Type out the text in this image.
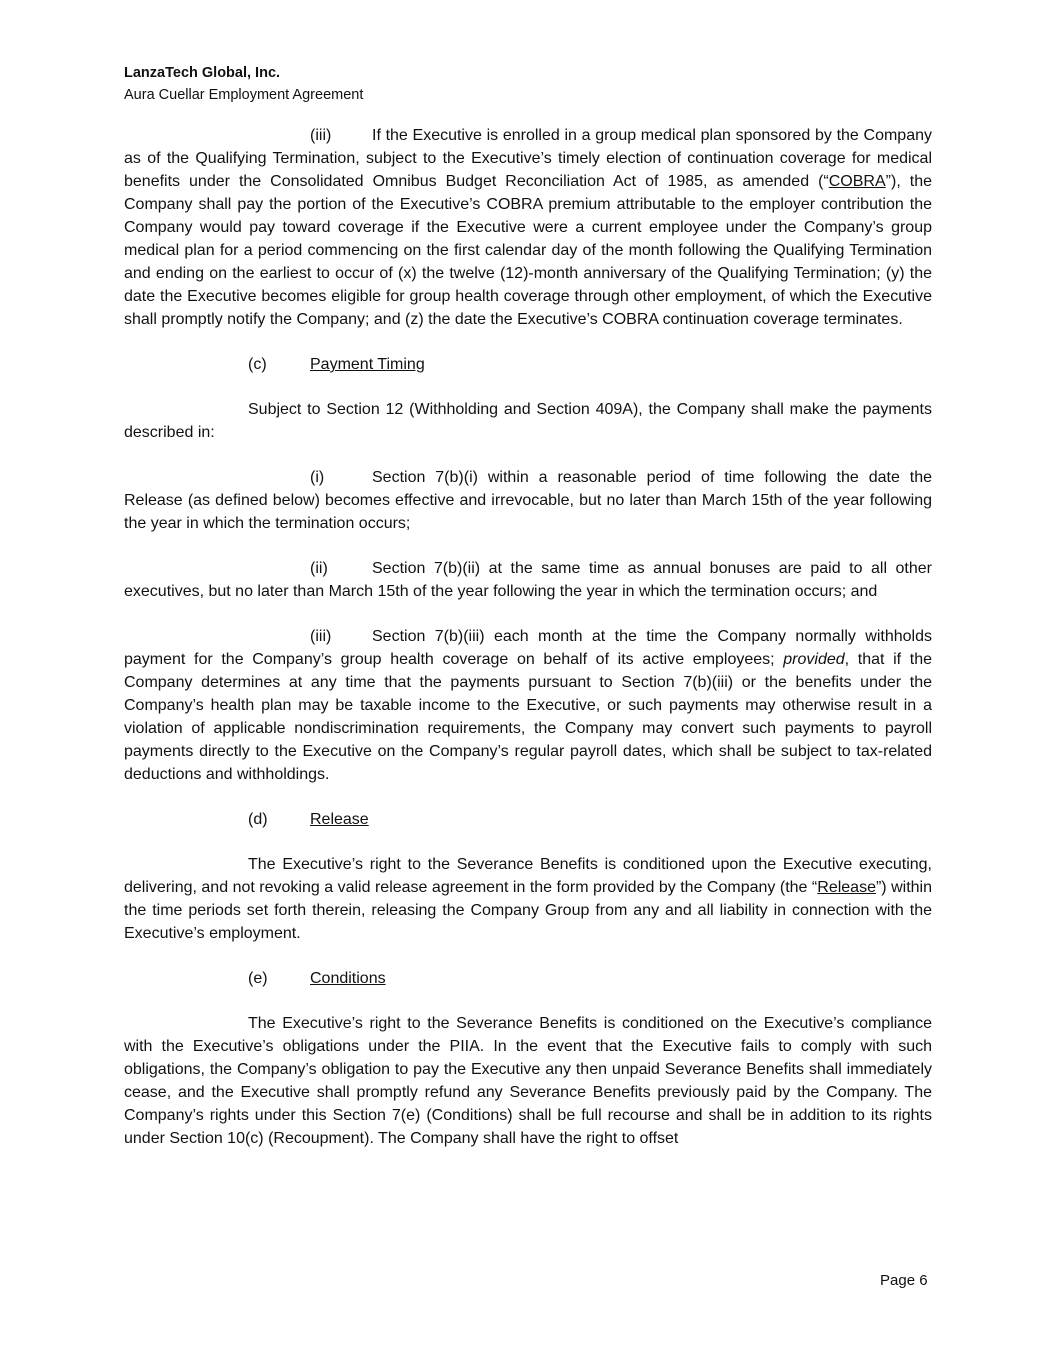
LanzaTech Global, Inc.
Aura Cuellar Employment Agreement

(iii)	If the Executive is enrolled in a group medical plan sponsored by the Company as of the Qualifying Termination, subject to the Executive’s timely election of continuation coverage for medical benefits under the Consolidated Omnibus Budget Reconciliation Act of 1985, as amended (“COBRA”), the Company shall pay the portion of the Executive’s COBRA premium attributable to the employer contribution the Company would pay toward coverage if the Executive were a current employee under the Company’s group medical plan for a period commencing on the first calendar day of the month following the Qualifying Termination and ending on the earliest to occur of (x) the twelve (12)-month anniversary of the Qualifying Termination; (y) the date the Executive becomes eligible for group health coverage through other employment, of which the Executive shall promptly notify the Company; and (z) the date the Executive’s COBRA continuation coverage terminates.

(c)	Payment Timing

Subject to Section 12 (Withholding and Section 409A), the Company shall make the payments described in:

(i)	Section 7(b)(i) within a reasonable period of time following the date the Release (as defined below) becomes effective and irrevocable, but no later than March 15th of the year following the year in which the termination occurs;

(ii)	Section 7(b)(ii) at the same time as annual bonuses are paid to all other executives, but no later than March 15th of the year following the year in which the termination occurs; and

(iii)	Section 7(b)(iii) each month at the time the Company normally withholds payment for the Company’s group health coverage on behalf of its active employees; provided, that if the Company determines at any time that the payments pursuant to Section 7(b)(iii) or the benefits under the Company’s health plan may be taxable income to the Executive, or such payments may otherwise result in a violation of applicable nondiscrimination requirements, the Company may convert such payments to payroll payments directly to the Executive on the Company’s regular payroll dates, which shall be subject to tax-related deductions and withholdings.

(d)	Release

The Executive’s right to the Severance Benefits is conditioned upon the Executive executing, delivering, and not revoking a valid release agreement in the form provided by the Company (the “Release”) within the time periods set forth therein, releasing the Company Group from any and all liability in connection with the Executive’s employment.

(e)	Conditions

The Executive’s right to the Severance Benefits is conditioned on the Executive’s compliance with the Executive’s obligations under the PIIA. In the event that the Executive fails to comply with such obligations, the Company’s obligation to pay the Executive any then unpaid Severance Benefits shall immediately cease, and the Executive shall promptly refund any Severance Benefits previously paid by the Company. The Company’s rights under this Section 7(e) (Conditions) shall be full recourse and shall be in addition to its rights under Section 10(c) (Recoupment). The Company shall have the right to offset

Page 6
